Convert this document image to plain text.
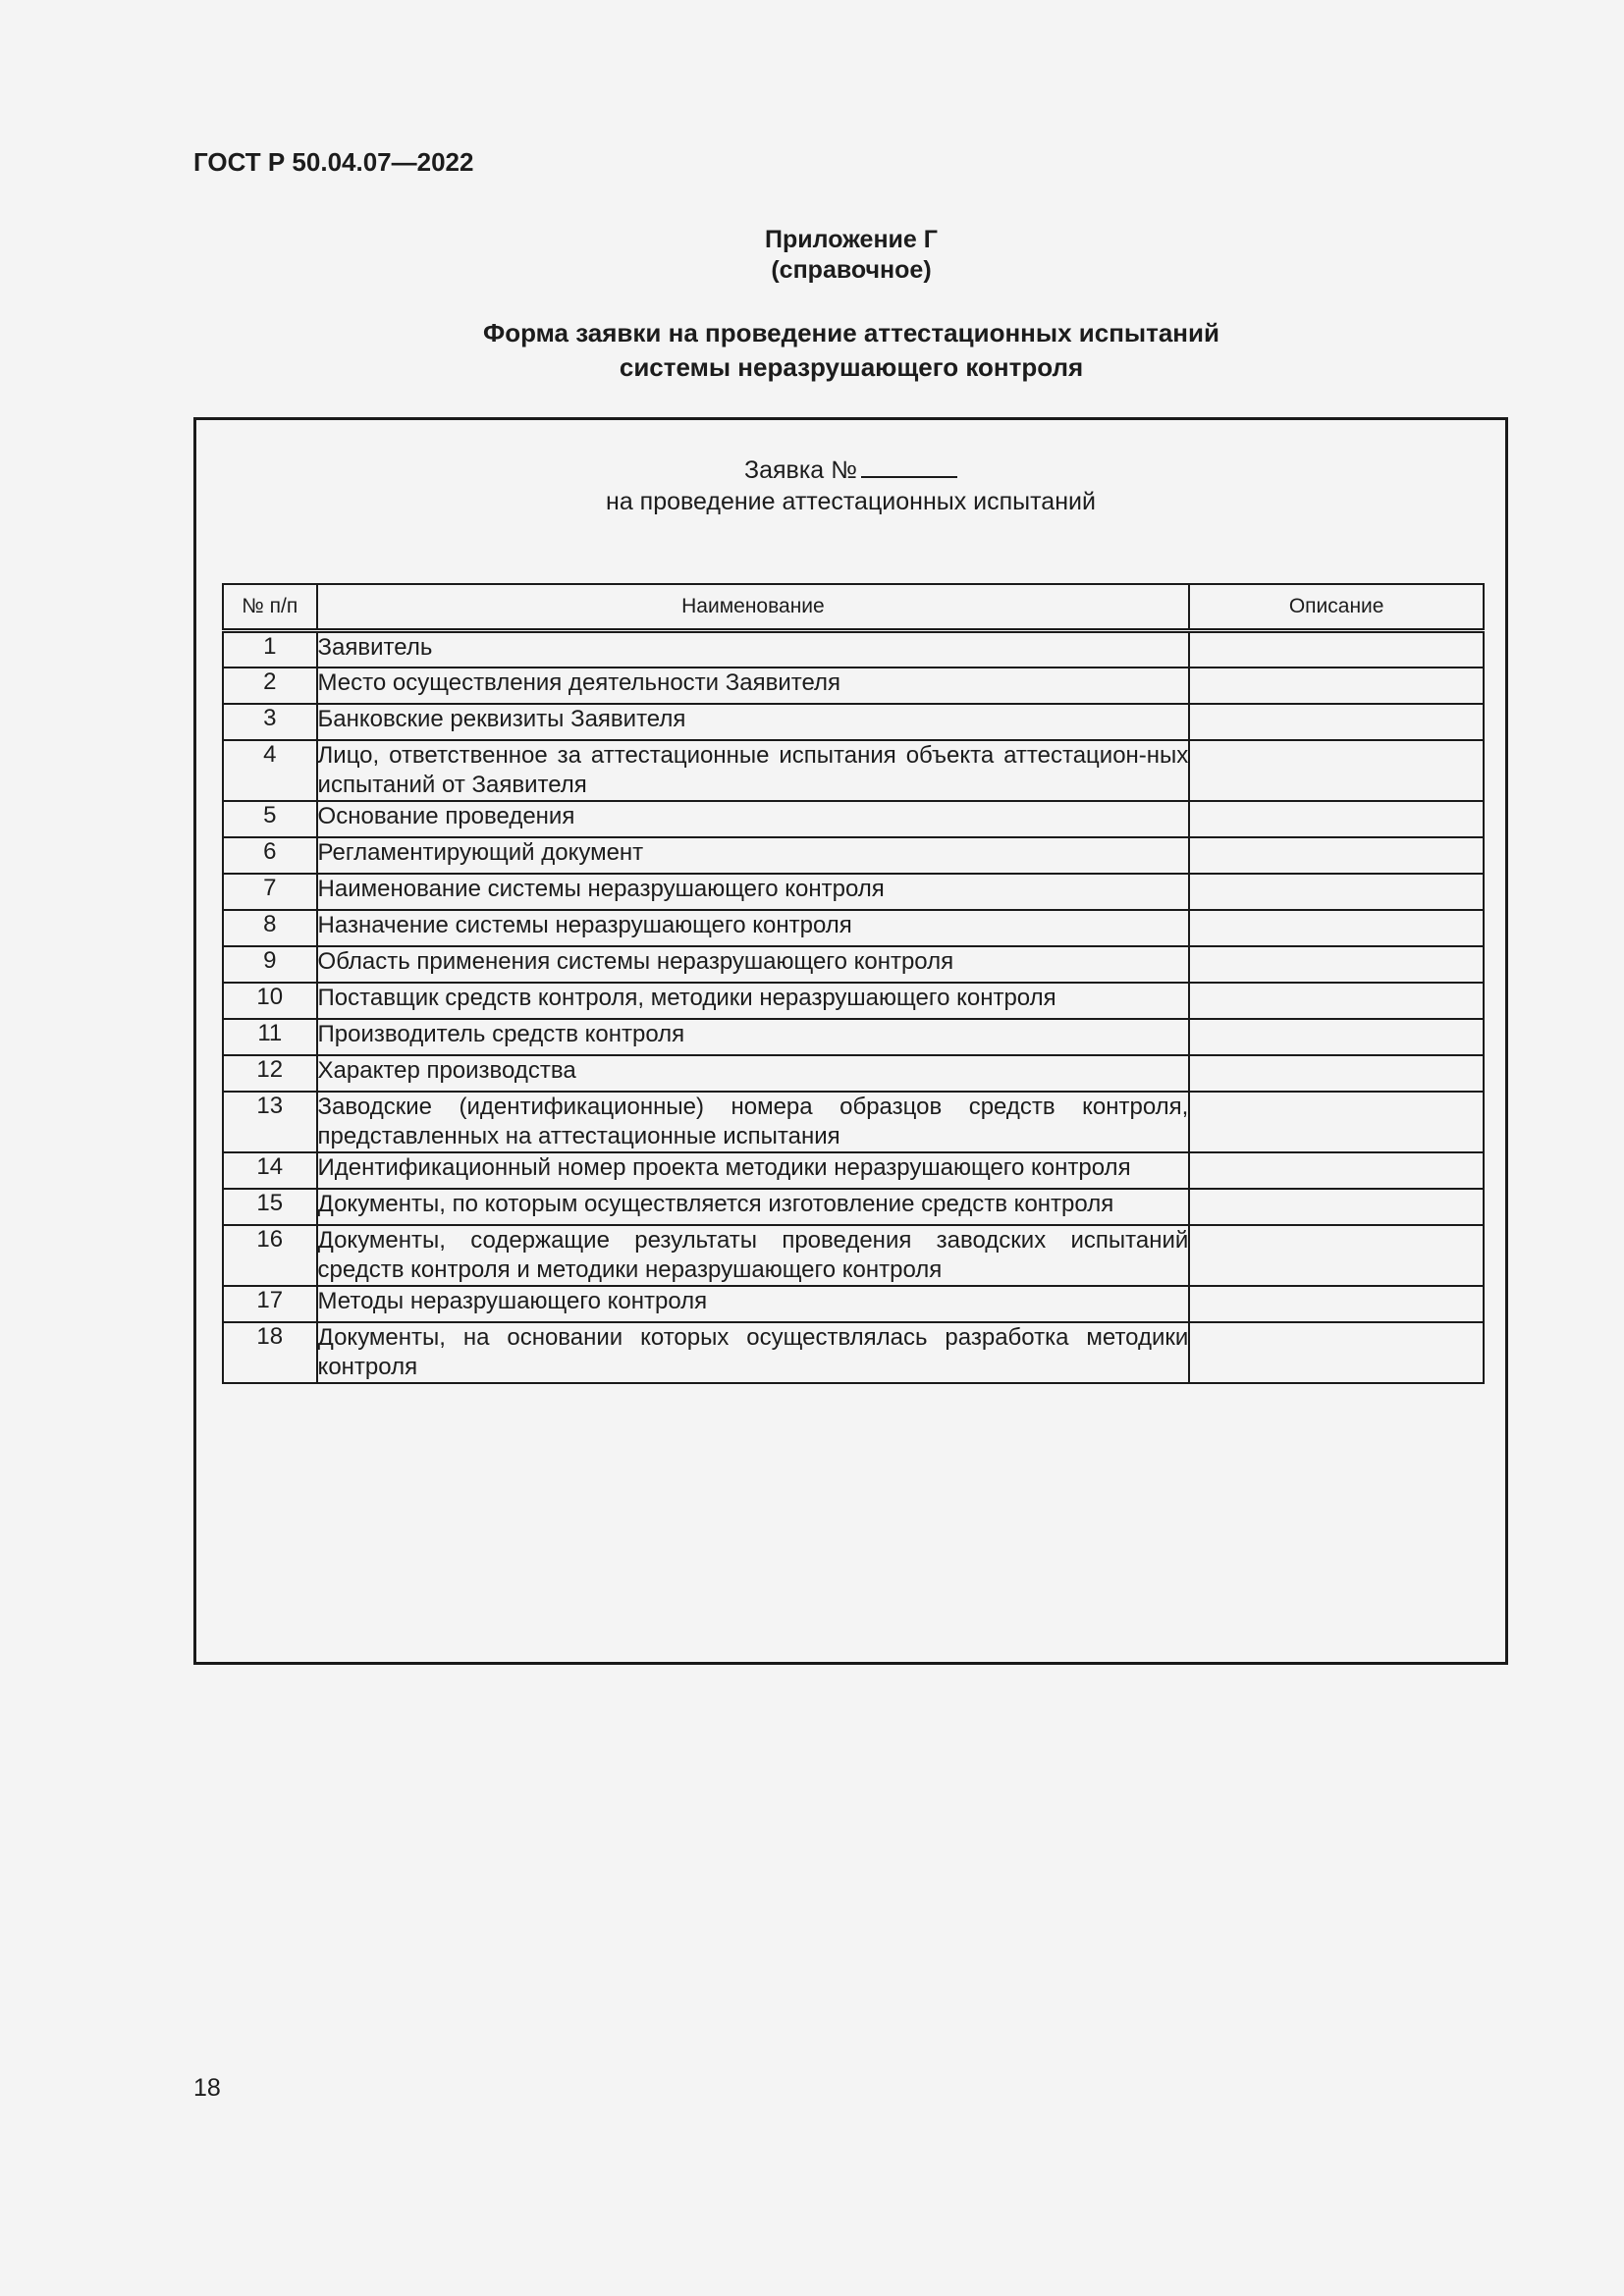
ГОСТ Р 50.04.07—2022
Приложение Г
(справочное)
Форма заявки на проведение аттестационных испытаний
системы неразрушающего контроля
Заявка №
на проведение аттестационных испытаний
№ п/п	Наименование	Описание
1	Заявитель	
2	Место осуществления деятельности Заявителя	
3	Банковские реквизиты Заявителя	
4	Лицо, ответственное за аттестационные испытания объекта аттестацион-ных испытаний от Заявителя	
5	Основание проведения	
6	Регламентирующий документ	
7	Наименование системы неразрушающего контроля	
8	Назначение системы неразрушающего контроля	
9	Область применения системы неразрушающего контроля	
10	Поставщик средств контроля, методики неразрушающего контроля	
11	Производитель средств контроля	
12	Характер производства	
13	Заводские (идентификационные) номера образцов средств контроля, представленных на аттестационные испытания	
14	Идентификационный номер проекта методики неразрушающего контроля	
15	Документы, по которым осуществляется изготовление средств контроля	
16	Документы, содержащие результаты проведения заводских испытаний средств контроля и методики неразрушающего контроля	
17	Методы неразрушающего контроля	
18	Документы, на основании которых осуществлялась разработка методики контроля	
18
